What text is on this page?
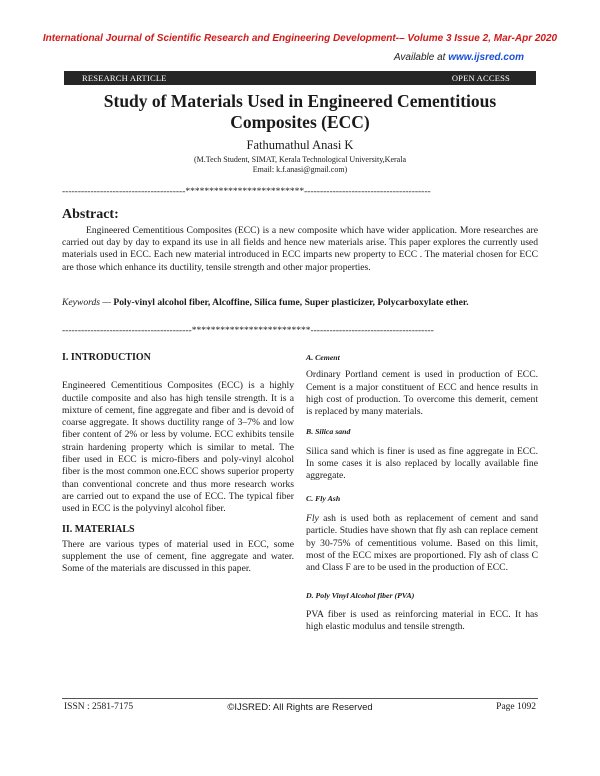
International Journal of Scientific Research and Engineering Development-– Volume 3 Issue 2, Mar-Apr 2020
Available at www.ijsred.com
RESEARCH ARTICLE	OPEN ACCESS
Study of Materials Used in Engineered Cementitious Composites (ECC)
Fathumathul Anasi K
(M.Tech Student, SIMAT, Kerala Technological University,Kerala
Email: k.f.anasi@gmail.com)
---------------------------------------*************************----------------------------------------
Abstract:
Engineered Cementitious Composites (ECC) is a new composite which have wider application. More researches are carried out day by day to expand its use in all fields and hence new materials arise. This paper explores the currently used materials used in ECC. Each new material introduced in ECC imparts new property to ECC . The material chosen for ECC are those which enhance its ductility, tensile strength and other major properties.
Keywords — Poly-vinyl alcohol fiber, Alcoffine, Silica fume, Super plasticizer, Polycarboxylate ether.
-----------------------------------------*************************---------------------------------------

I. INTRODUCTION

Engineered Cementitious Composites (ECC) is a highly ductile composite and also has high tensile strength. It is a mixture of cement, fine aggregate and fiber and is devoid of coarse aggregate. It shows ductility range of 3–7% and low fiber content of 2% or less by volume. ECC exhibits tensile strain hardening property which is similar to metal. The fiber used in ECC is micro-fibers and poly-vinyl alcohol fiber is the most common one.ECC shows superior property than conventional concrete and thus more research works are carried out to expand the use of ECC. The typical fiber used in ECC is the polyvinyl alcohol fiber.

II. MATERIALS

There are various types of material used in ECC, some supplement the use of cement, fine aggregate and water. Some of the materials are discussed in this paper.

A. Cement

Ordinary Portland cement is used in production of ECC. Cement is a major constituent of ECC and hence results in high cost of production. To overcome this demerit, cement is replaced by many materials.

B. Silica sand

Silica sand which is finer is used as fine aggregate in ECC. In some cases it is also replaced by locally available fine aggregate.

C. Fly Ash

Fly ash is used both as replacement of cement and sand particle. Studies have shown that fly ash can replace cement by 30-75% of cementitious volume. Based on this limit, most of the ECC mixes are proportioned. Fly ash of class C and Class F are to be used in the production of ECC.

D. Poly Vinyl Alcohol fiber (PVA)

PVA fiber is used as reinforcing material in ECC. It has high elastic modulus and tensile strength.

ISSN : 2581-7175	©IJSRED: All Rights are Reserved	Page 1092
